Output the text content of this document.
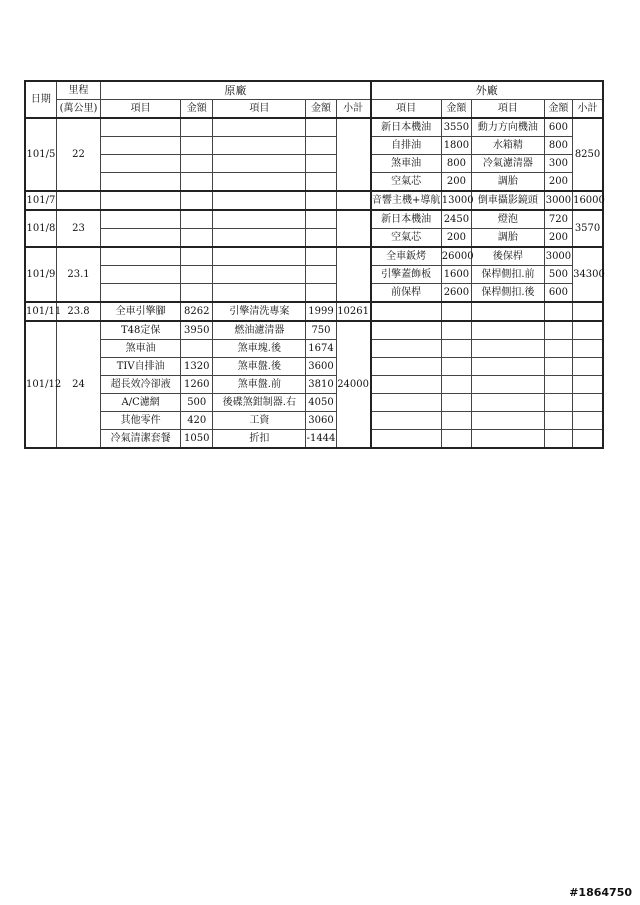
日期	里程	原廠					外廠				
	(萬公里)	項目	金額	項目	金額	小計	項目	金額	項目	金額	小計
101/5	22						新日本機油	3550	動力方向機油	600	8250
							自排油	1800	水箱精	800	
							煞車油	800	冷氣濾清器	300	
							空氣芯	200	調胎	200	
101/7							音響主機+導航	13000	倒車攝影鏡頭	3000	16000
101/8	23						新日本機油	2450	燈泡	720	3570
							空氣芯	200	調胎	200	
101/9	23.1						全車鈑烤	26000	後保桿	3000	34300
							引擎蓋飾板	1600	保桿側扣.前	500	
							前保桿	2600	保桿側扣.後	600	
101/11	23.8	全車引擎腳	8262	引擎清洗專案	1999	10261					
101/12	24	T48定保	3950	燃油濾清器	750	24000					
		煞車油		煞車塊.後	1674						
		TIV自排油	1320	煞車盤.後	3600						
		超長效冷卻液	1260	煞車盤.前	3810						
		A/C濾網	500	後碟煞鉗制器.右	4050						
		其他零件	420	工資	3060						
		冷氣清潔套餐	1050	折扣	-1444						
#1864750
